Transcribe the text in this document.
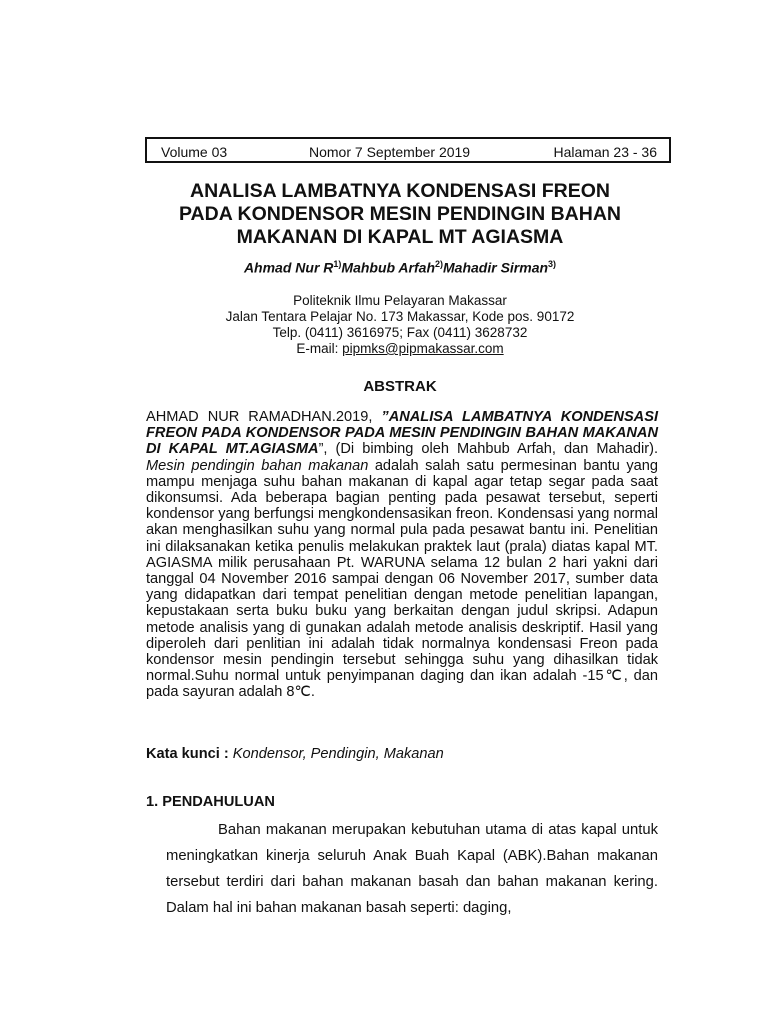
Volume 03	Nomor 7 September 2019	Halaman 23 - 36
ANALISA LAMBATNYA KONDENSASI FREON
PADA KONDENSOR MESIN PENDINGIN BAHAN
MAKANAN DI KAPAL MT AGIASMA
Ahmad Nur $R^{1)}Mahbub$ Arfah$^{2)}$Mahadir Sirman$^{3)}$
Politeknik Ilmu Pelayaran Makassar
Jalan Tentara Pelajar No. 173 Makassar, Kode pos. 90172
Telp. (0411) 3616975; Fax (0411) 3628732
E-mail: pipmks@pipmakassar.com
ABSTRAK
AHMAD NUR RAMADHAN.2019, ”ANALISA LAMBATNYA KONDENSASI FREON PADA KONDENSOR PADA MESIN PENDINGIN BAHAN MAKANAN DI KAPAL MT.AGIASMA”, (Di bimbing oleh Mahbub Arfah, dan Mahadir). Mesin pendingin bahan makanan adalah salah satu permesinan bantu yang mampu menjaga suhu bahan makanan di kapal agar tetap segar pada saat dikonsumsi. Ada beberapa bagian penting pada pesawat tersebut, seperti kondensor yang berfungsi mengkondensasikan freon. Kondensasi yang normal akan menghasilkan suhu yang normal pula pada pesawat bantu ini. Penelitian ini dilaksanakan ketika penulis melakukan praktek laut (prala) diatas kapal MT. AGIASMA milik perusahaan Pt. WARUNA selama 12 bulan 2 hari yakni dari tanggal 04 November 2016 sampai dengan 06 November 2017, sumber data yang didapatkan dari tempat penelitian dengan metode penelitian lapangan, kepustakaan serta buku buku yang berkaitan dengan judul skripsi. Adapun metode analisis yang di gunakan adalah metode analisis deskriptif. Hasil yang diperoleh dari penlitian ini adalah tidak normalnya kondensasi Freon pada kondensor mesin pendingin tersebut sehingga suhu yang dihasilkan tidak normal.Suhu normal untuk penyimpanan daging dan ikan adalah -15℃, dan pada sayuran adalah 8℃.
Kata kunci : Kondensor, Pendingin, Makanan
1. PENDAHULUAN
Bahan makanan merupakan kebutuhan utama di atas kapal untuk meningkatkan kinerja seluruh Anak Buah Kapal (ABK).Bahan makanan tersebut terdiri dari bahan makanan basah dan bahan makanan kering. Dalam hal ini bahan makanan basah seperti: daging,
